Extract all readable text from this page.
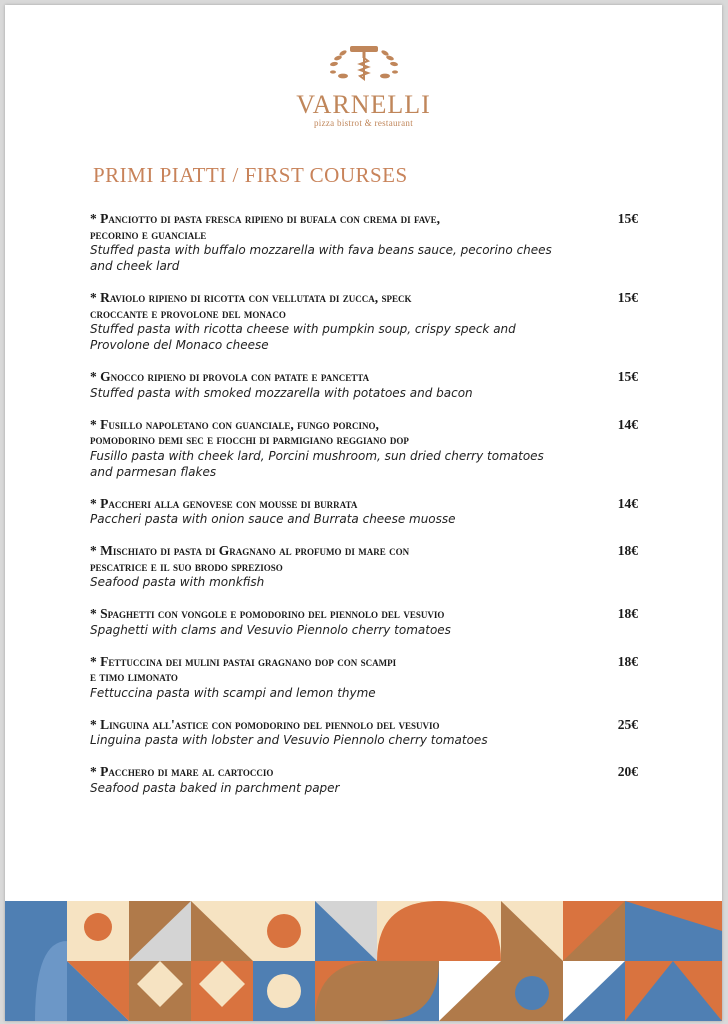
VARNELLI
pizza bistrot & restaurant
PRIMI PIATTI / FIRST COURSES
* Panciotto di pasta fresca ripieno di bufala con crema di fave,
pecorino e guanciale
Stuffed pasta with buffalo mozzarella with fava beans sauce, pecorino chees
and cheek lard
15€
* Raviolo ripieno di ricotta con vellutata di zucca, speck
croccante e provolone del monaco
Stuffed pasta with ricotta cheese with pumpkin soup, crispy speck and
Provolone del Monaco cheese
15€
* Gnocco ripieno di provola con patate e pancetta
Stuffed pasta with smoked mozzarella with potatoes and bacon
15€
* Fusillo napoletano con guanciale, fungo porcino,
pomodorino demi sec e fiocchi di parmigiano reggiano dop
Fusillo pasta with cheek lard, Porcini mushroom, sun dried cherry tomatoes
and parmesan flakes
14€
* Paccheri alla genovese con mousse di burrata
Paccheri pasta with onion sauce and Burrata cheese muosse
14€
* Mischiato di pasta di Gragnano al profumo di mare con
pescatrice e il suo brodo sprezioso
Seafood pasta with monkfish
18€
* Spaghetti con vongole e pomodorino del piennolo del vesuvio
Spaghetti with clams and Vesuvio Piennolo cherry tomatoes
18€
* Fettuccina dei mulini pastai gragnano dop con scampi
e timo limonato
Fettuccina pasta with scampi and lemon thyme
18€
* Linguina all'astice con pomodorino del piennolo del vesuvio
Linguina pasta with lobster and Vesuvio Piennolo cherry tomatoes
25€
* Paccherо di mare al cartoccio
Seafood pasta baked in parchment paper
20€
